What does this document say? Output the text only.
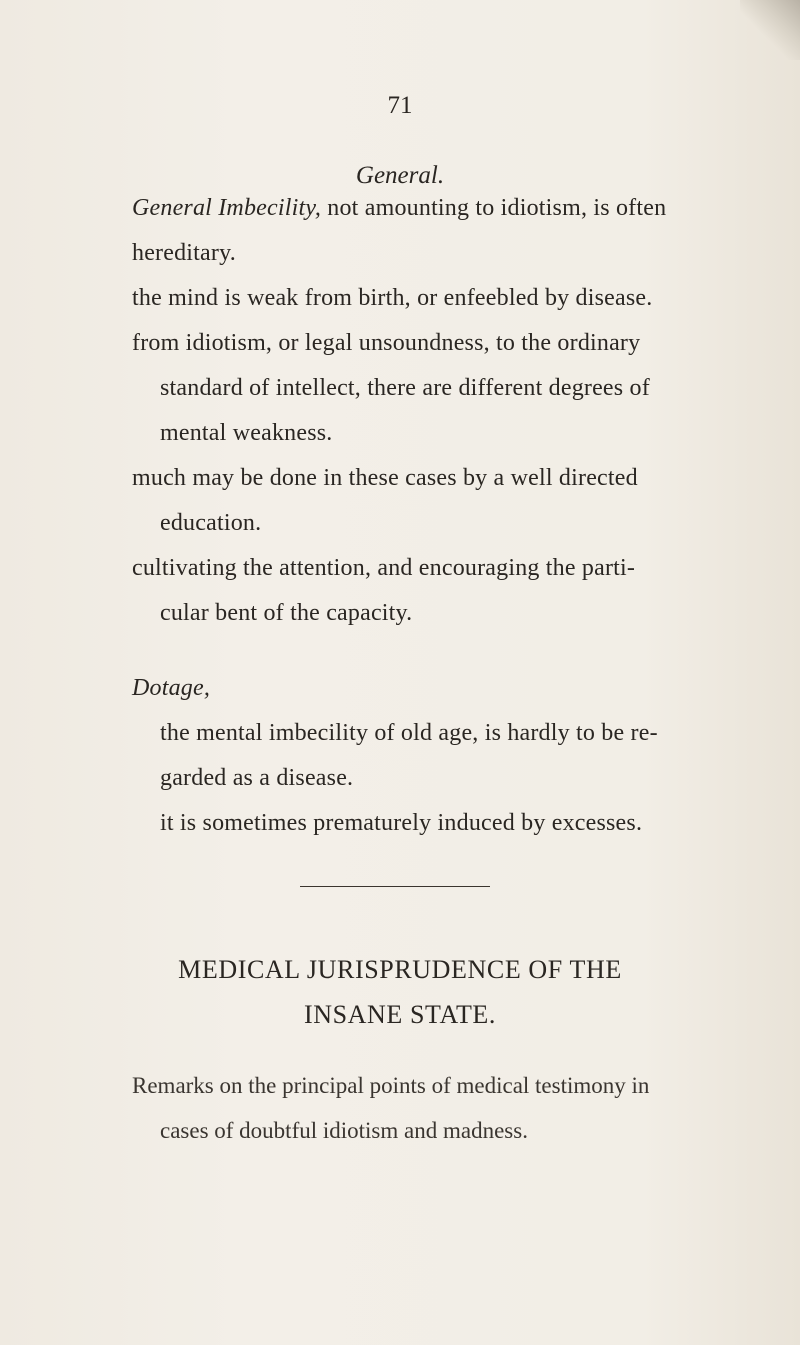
71
General.
General Imbecility, not amounting to idiotism, is often
hereditary.
the mind is weak from birth, or enfeebled by disease.
from idiotism, or legal unsoundness, to the ordinary
standard of intellect, there are different degrees of
mental weakness.
much may be done in these cases by a well directed
education.
cultivating the attention, and encouraging the parti-
cular bent of the capacity.
Dotage,
the mental imbecility of old age, is hardly to be re-
garded as a disease.
it is sometimes prematurely induced by excesses.
MEDICAL JURISPRUDENCE OF THE
INSANE STATE.
Remarks on the principal points of medical testimony in
cases of doubtful idiotism and madness.
